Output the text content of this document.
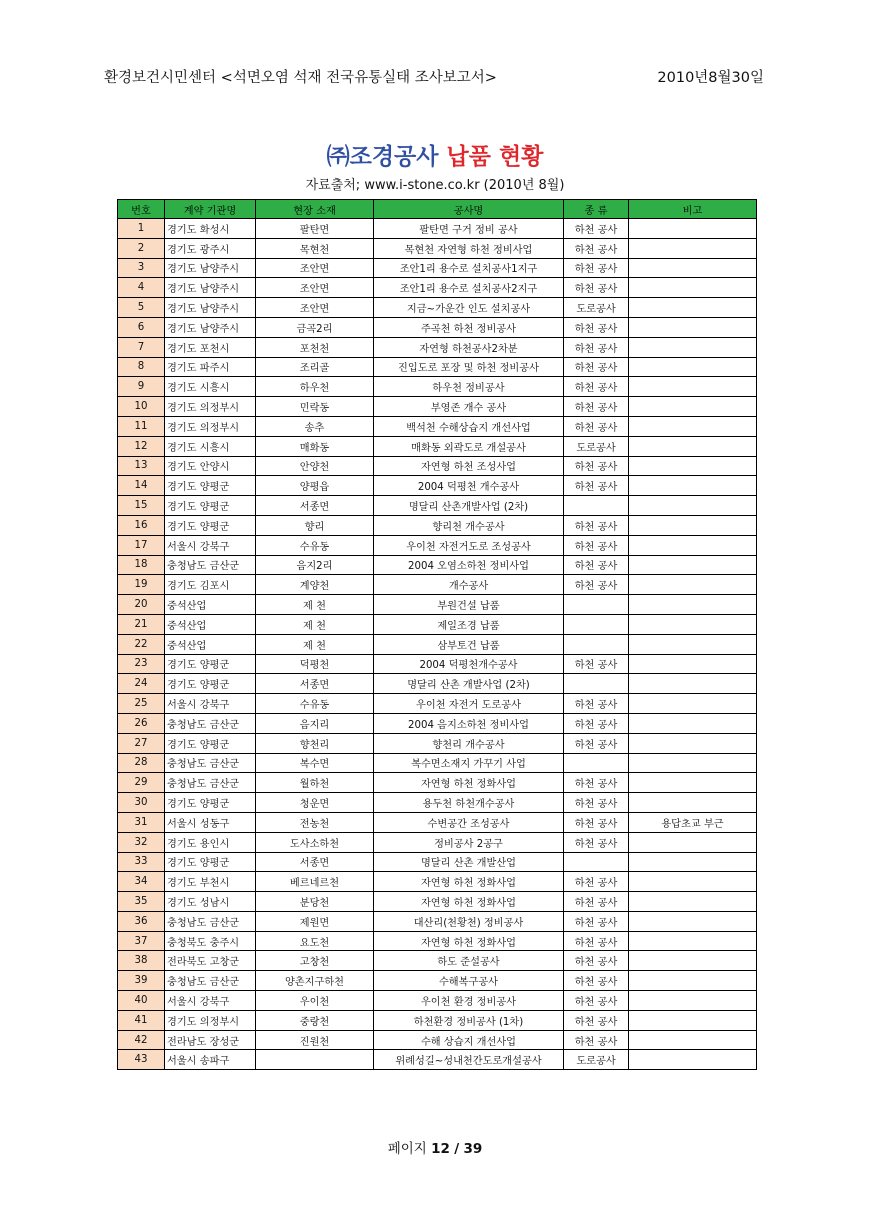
환경보건시민센터 <석면오염 석재 전국유통실태 조사보고서>	2010년8월30일
㈜조경공사 납품 현황
자료출처; www.i-stone.co.kr (2010년 8월)
번호	계약 기관명	현장 소재	공사명	종 류	비고
1	경기도 화성시	팔탄면	팔탄면 구거 정비 공사	하천 공사	
2	경기도 광주시	목현천	목현천 자연형 하천 정비사업	하천 공사	
3	경기도 남양주시	조안면	조안1리 용수로 설치공사1지구	하천 공사	
4	경기도 남양주시	조안면	조안1리 용수로 설치공사2지구	하천 공사	
5	경기도 남양주시	조안면	지금~가운간 인도 설치공사	도로공사	
6	경기도 남양주시	금곡2리	주곡천 하천 정비공사	하천 공사	
7	경기도 포천시	포천천	자연형 하천공사2차분	하천 공사	
8	경기도 파주시	조리골	진입도로 포장 및 하천 정비공사	하천 공사	
9	경기도 시흥시	하우천	하우천 정비공사	하천 공사	
10	경기도 의정부시	민락동	부영존 개수 공사	하천 공사	
11	경기도 의정부시	송추	백석천 수해상습지 개선사업	하천 공사	
12	경기도 시흥시	매화동	매화동 외곽도로 개설공사	도로공사	
13	경기도 안양시	안양천	자연형 하천 조성사업	하천 공사	
14	경기도 양평군	양평읍	2004 덕평천 개수공사	하천 공사	
15	경기도 양평군	서종면	명달리 산촌개발사업 (2차)		
16	경기도 양평군	향리	향리천 개수공사	하천 공사	
17	서울시 강북구	수유동	우이천 자전거도로 조성공사	하천 공사	
18	충청남도 금산군	음지2리	2004 오염소하천 정비사업	하천 공사	
19	경기도 김포시	계양천	개수공사	하천 공사	
20	중석산업	제 천	부원건설 납품		
21	중석산업	제 천	제일조경 납품		
22	중석산업	제 천	삼부토건 납품		
23	경기도 양평군	덕평천	2004 덕평천개수공사	하천 공사	
24	경기도 양평군	서종면	명달리 산촌 개발사업 (2차)		
25	서울시 강북구	수유동	우이천 자전거 도로공사	하천 공사	
26	충청남도 금산군	음지리	2004 음지소하천 정비사업	하천 공사	
27	경기도 양평군	향천리	향천리 개수공사	하천 공사	
28	충청남도 금산군	복수면	복수면소재지 가꾸기 사업		
29	충청남도 금산군	월하천	자연형 하천 정화사업	하천 공사	
30	경기도 양평군	청운면	용두천 하천개수공사	하천 공사	
31	서울시 성동구	전농천	수변공간 조성공사	하천 공사	용답초교 부근
32	경기도 용인시	도사소하천	정비공사 2공구	하천 공사	
33	경기도 양평군	서종면	명달리 산촌 개발산업		
34	경기도 부천시	베르네르천	자연형 하천 정화사업	하천 공사	
35	경기도 성남시	분당천	자연형 하천 정화사업	하천 공사	
36	충청남도 금산군	제원면	대산리(천황천) 정비공사	하천 공사	
37	충청북도 충주시	요도천	자연형 하천 정화사업	하천 공사	
38	전라북도 고창군	고창천	하도 준설공사	하천 공사	
39	충청남도 금산군	양촌지구하천	수해복구공사	하천 공사	
40	서울시 강북구	우이천	우이천 환경 정비공사	하천 공사	
41	경기도 의정부시	중랑천	하천환경 정비공사 (1차)	하천 공사	
42	전라남도 장성군	진원천	수해 상습지 개선사업	하천 공사	
43	서울시 송파구		위례성길~성내천간도로개설공사	도로공사	
페이지 12 / 39
